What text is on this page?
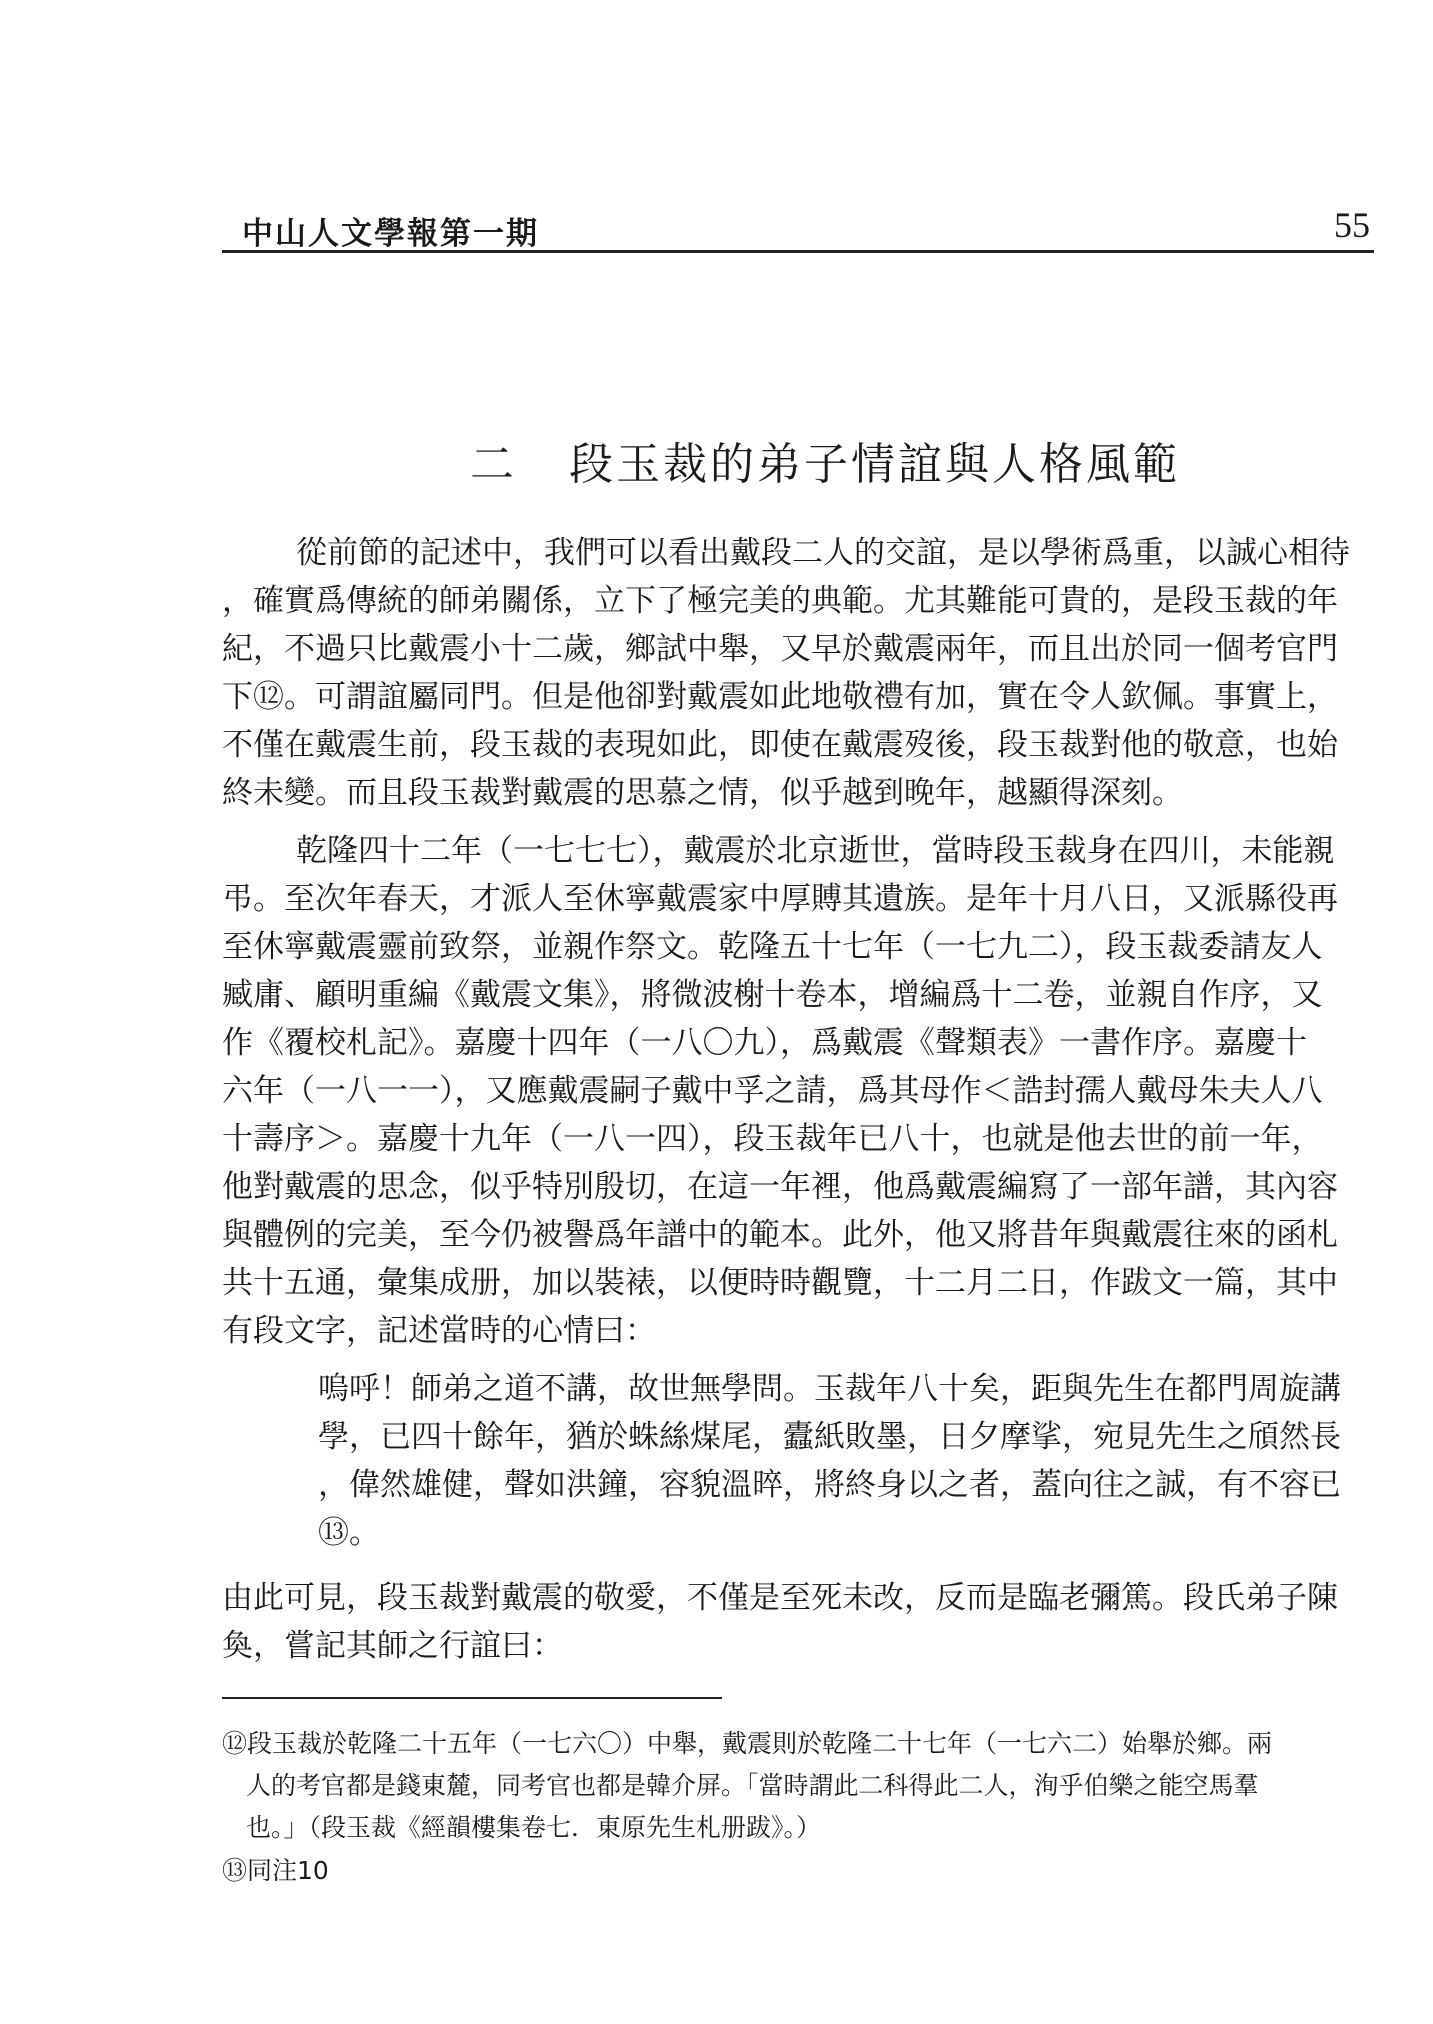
中山人文學報第一期	55
二 段玉裁的弟子情誼與人格風範
從前節的記述中，我們可以看出戴段二人的交誼，是以學術爲重，以誠心相待
，確實爲傳統的師弟關係，立下了極完美的典範。尤其難能可貴的，是段玉裁的年
紀，不過只比戴震小十二歲，鄉試中舉，又早於戴震兩年，而且出於同一個考官門
下⑫。可謂誼屬同門。但是他卻對戴震如此地敬禮有加，實在令人欽佩。事實上，
不僅在戴震生前，段玉裁的表現如此，即使在戴震歿後，段玉裁對他的敬意，也始
終未變。而且段玉裁對戴震的思慕之情，似乎越到晚年，越顯得深刻。
乾隆四十二年（一七七七），戴震於北京逝世，當時段玉裁身在四川，未能親
弔。至次年春天，才派人至休寧戴震家中厚賻其遺族。是年十月八日，又派縣役再
至休寧戴震靈前致祭，並親作祭文。乾隆五十七年（一七九二），段玉裁委請友人
臧庸、顧明重編《戴震文集》，將微波榭十卷本，增編爲十二卷，並親自作序，又
作《覆校札記》。嘉慶十四年（一八〇九），爲戴震《聲類表》一書作序。嘉慶十
六年（一八一一），又應戴震嗣子戴中孚之請，爲其母作＜誥封孺人戴母朱夫人八
十壽序＞。嘉慶十九年（一八一四），段玉裁年已八十，也就是他去世的前一年，
他對戴震的思念，似乎特別殷切，在這一年裡，他爲戴震編寫了一部年譜，其內容
與體例的完美，至今仍被譽爲年譜中的範本。此外，他又將昔年與戴震往來的函札
共十五通，彙集成册，加以裝裱，以便時時觀覽，十二月二日，作跋文一篇，其中
有段文字，記述當時的心情曰：
嗚呼！師弟之道不講，故世無學問。玉裁年八十矣，距與先生在都門周旋講
學，已四十餘年，猶於蛛絲煤尾，蠹紙敗墨，日夕摩挲，宛見先生之頎然長
，偉然雄健，聲如洪鐘，容貌溫晬，將終身以之者，蓋向往之誠，有不容已
⑬。
由此可見，段玉裁對戴震的敬愛，不僅是至死未改，反而是臨老彌篤。段氏弟子陳
奐，嘗記其師之行誼曰：
⑫段玉裁於乾隆二十五年（一七六〇）中舉，戴震則於乾隆二十七年（一七六二）始舉於鄉。兩
人的考官都是錢東麓，同考官也都是韓介屏。「當時謂此二科得此二人，洵乎伯樂之能空馬羣
也。」（段玉裁《經韻樓集卷七．東原先生札册跋》。）
⑬同注10
